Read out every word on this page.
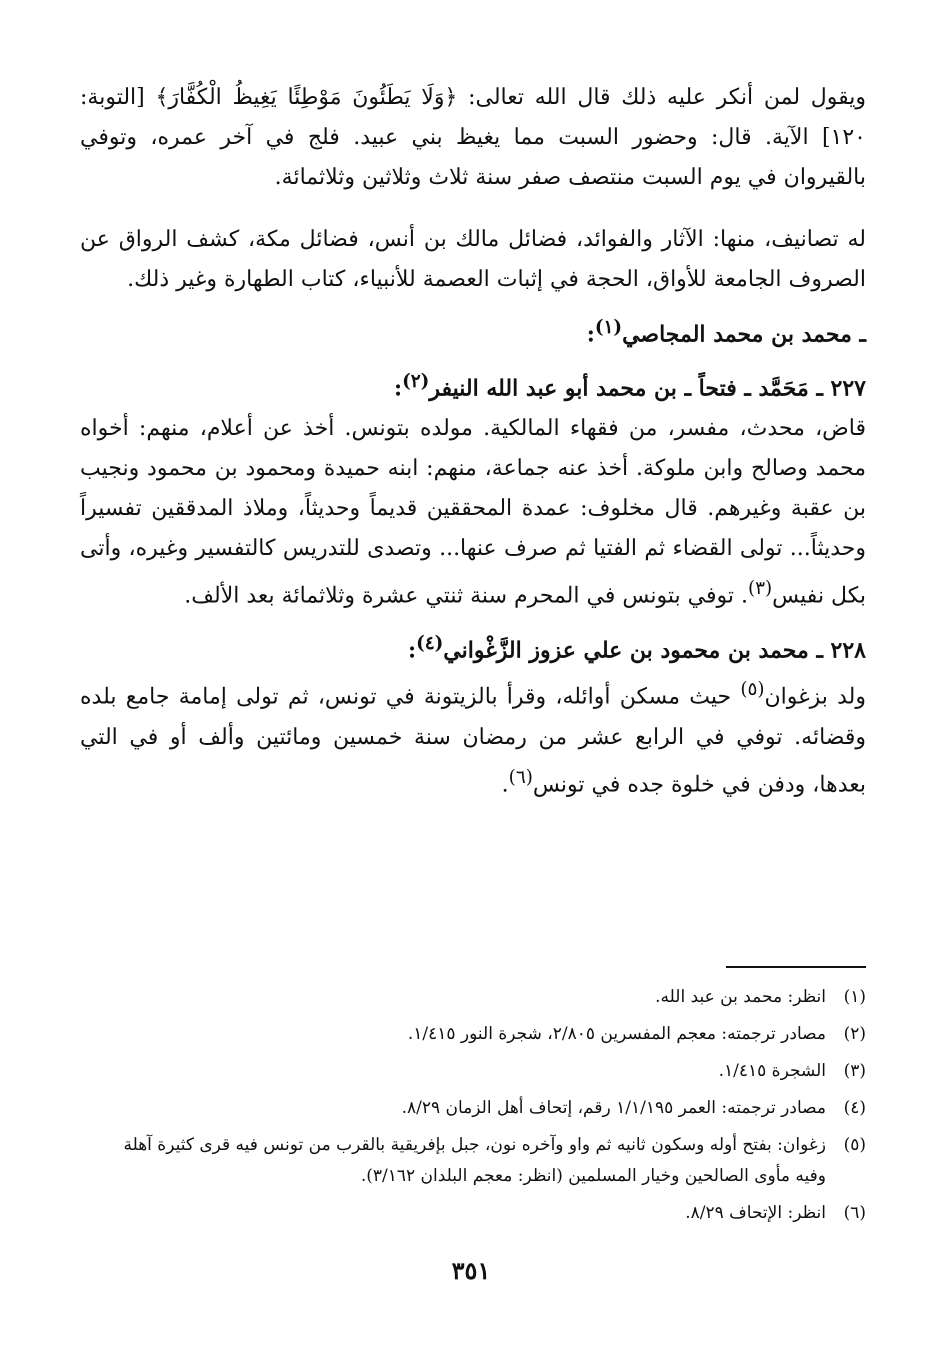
ويقول لمن أنكر عليه ذلك قال الله تعالى: ﴿وَلَا يَطَئُونَ مَوْطِئًا يَغِيظُ الْكُفَّارَ﴾ [التوبة: ١٢٠] الآية. قال: وحضور السبت مما يغيظ بني عبيد. فلج في آخر عمره، وتوفي بالقيروان في يوم السبت منتصف صفر سنة ثلاث وثلاثين وثلاثمائة.

له تصانيف، منها: الآثار والفوائد، فضائل مالك بن أنس، فضائل مكة، كشف الرواق عن الصروف الجامعة للأواق، الحجة في إثبات العصمة للأنبياء، كتاب الطهارة وغير ذلك.

ـ محمد بن محمد المجاصي$^{(١)}$:

٢٢٧ ـ مَحَمَّد ـ فتحاً ـ بن محمد أبو عبد الله النيفر$^{(٢)}$:

قاض، محدث، مفسر، من فقهاء المالكية. مولده بتونس. أخذ عن أعلام، منهم: أخواه محمد وصالح وابن ملوكة. أخذ عنه جماعة، منهم: ابنه حميدة ومحمود بن محمود ونجيب بن عقبة وغيرهم. قال مخلوف: عمدة المحققين قديماً وحديثاً، وملاذ المدققين تفسيراً وحديثاً... تولى القضاء ثم الفتيا ثم صرف عنها... وتصدى للتدريس كالتفسير وغيره، وأتى بكل نفيس$^{(٣)}$. توفي بتونس في المحرم سنة ثنتي عشرة وثلاثمائة بعد الألف.

٢٢٨ ـ محمد بن محمود بن علي عزوز الزَّغْواني$^{(٤)}$:

ولد بزغوان$^{(٥)}$ حيث مسكن أوائله، وقرأ بالزيتونة في تونس، ثم تولى إمامة جامع بلده وقضائه. توفي في الرابع عشر من رمضان سنة خمسين ومائتين وألف أو في التي بعدها، ودفن في خلوة جده في تونس$^{(٦)}$.

(١)
انظر: محمد بن عبد الله.
(٢)
مصادر ترجمته: معجم المفسرين ٢/٨٠٥، شجرة النور ١/٤١٥.
(٣)
الشجرة ١/٤١٥.
(٤)
مصادر ترجمته: العمر ١/١/١٩٥ رقم، إتحاف أهل الزمان ٨/٢٩.
(٥)
زغوان: بفتح أوله وسكون ثانيه ثم واو وآخره نون، جبل بإفريقية بالقرب من تونس فيه قرى كثيرة آهلة وفيه مأوى الصالحين وخيار المسلمين (انظر: معجم البلدان ٣/١٦٢).
(٦)
انظر: الإتحاف ٨/٢٩.
٣٥١
